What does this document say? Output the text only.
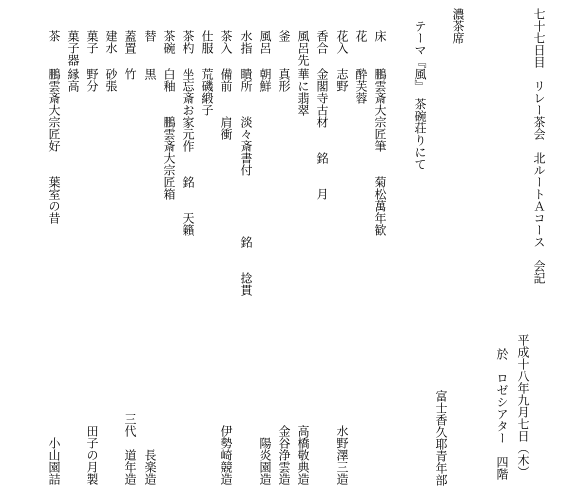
七十七日目　リレー茶会　北ルートＡコース　会記
平成十八年九月七日（木）
於　ロゼシアター　四階
濃茶席
富士香久耶青年部
テーマ『風』　茶碗荘りにて
床
鵬雲斎大宗匠筆　　菊松萬年歓
花
酔芙蓉
花入
志野
水野澤三造
香合
金閣寺古材　　銘　　月
風呂先
華に翡翠
高橋敬典造
釜
真形
金谷浄雲造
風呂
朝鮮
陽炎園造
水指
瞶所　　淡々斎書付　　　　　銘　　捻貫
茶入
備前　　肩衝
伊勢崎競造
仕服
荒磯緞子
茶杓
坐忘斎お家元作　　銘　　天籟
茶碗
白釉　　鵬雲斎大宗匠箱
替
黒
長楽造
蓋置
竹
三代　道年造
建水
砂張
菓子
野分
田子の月製
菓子器
縁高
茶
鵬雲斎大宗匠好　　葉室の昔
小山園詰
